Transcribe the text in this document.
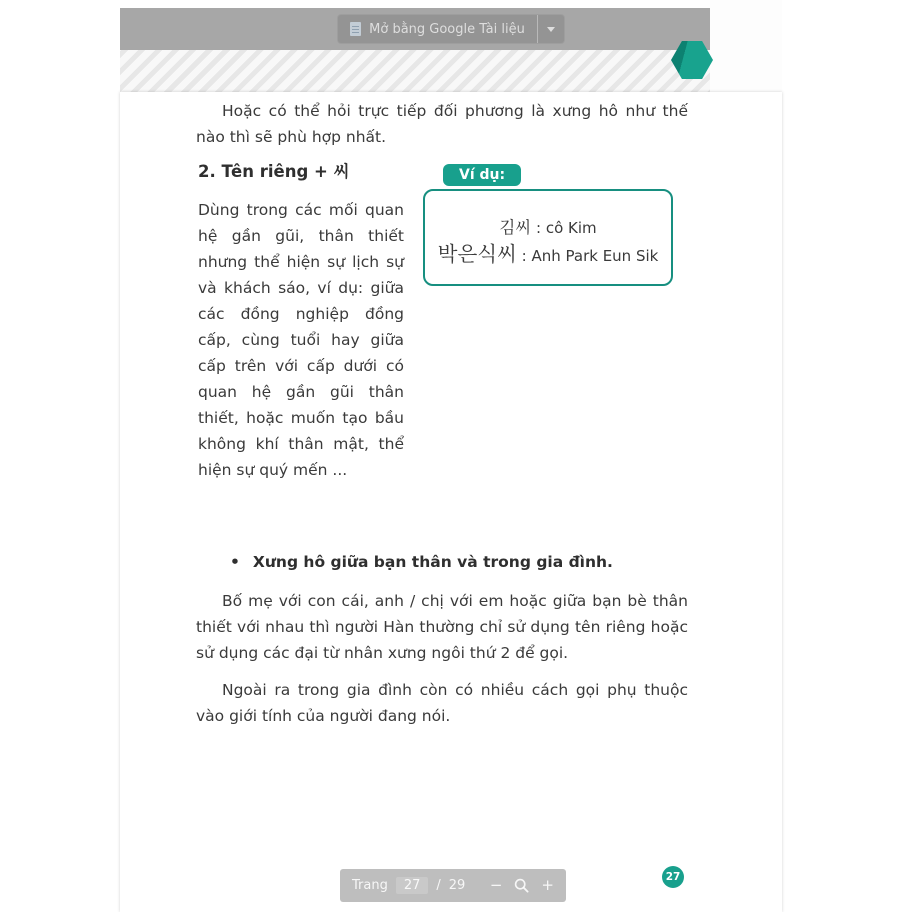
Mở bằng Google Tài liệu

Hoặc có thể hỏi trực tiếp đối phương là xưng hô như thế nào thì sẽ phù hợp nhất.

2. Tên riêng + 씨	Ví dụ:
김씨 : cô Kim
박은식씨 : Anh Park Eun Sik

Dùng trong các mối quan hệ gần gũi, thân thiết nhưng thể hiện sự lịch sự và khách sáo, ví dụ: giữa các đồng nghiệp đồng cấp, cùng tuổi hay giữa cấp trên với cấp dưới có quan hệ gần gũi thân thiết, hoặc muốn tạo bầu không khí thân mật, thể hiện sự quý mến ...

• Xưng hô giữa bạn thân và trong gia đình.

Bố mẹ với con cái, anh / chị với em hoặc giữa bạn bè thân thiết với nhau thì người Hàn thường chỉ sử dụng tên riêng hoặc sử dụng các đại từ nhân xưng ngôi thứ 2 để gọi.

Ngoài ra trong gia đình còn có nhiều cách gọi phụ thuộc vào giới tính của người đang nói.

Trang	27	/ 29 −	+	27
